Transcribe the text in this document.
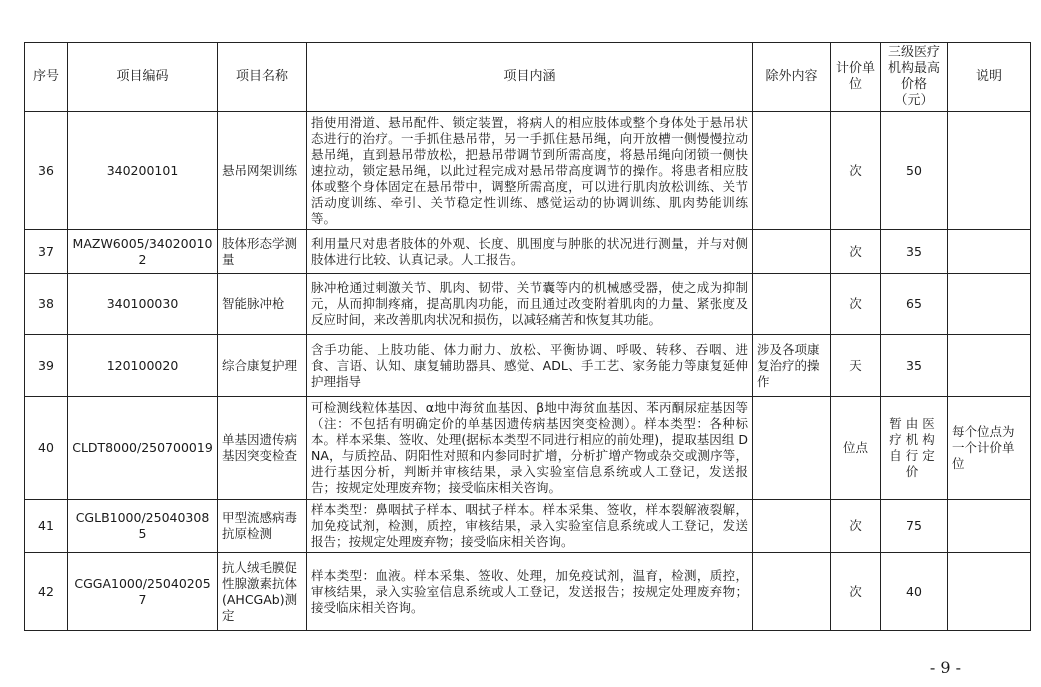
序号	项目编码	项目名称	项目内涵	除外内容	计价单位	三级医疗机构最高价格（元）	说明
36	340200101	悬吊网架训练	指使用滑道、悬吊配件、锁定装置，将病人的相应肢体或整个身体处于悬吊状态进行的治疗。一手抓住悬吊带，另一手抓住悬吊绳，向开放槽一侧慢慢拉动悬吊绳，直到悬吊带放松，把悬吊带调节到所需高度，将悬吊绳向闭锁一侧快速拉动，锁定悬吊绳，以此过程完成对悬吊带高度调节的操作。将患者相应肢体或整个身体固定在悬吊带中，调整所需高度，可以进行肌肉放松训练、关节活动度训练、牵引、关节稳定性训练、感觉运动的协调训练、肌肉势能训练等。		次	50	
37	MAZW6005/340200102	肢体形态学测量	利用量尺对患者肢体的外观、长度、肌围度与肿胀的状况进行测量，并与对侧肢体进行比较、认真记录。人工报告。		次	35	
38	340100030	智能脉冲枪	脉冲枪通过刺激关节、肌肉、韧带、关节囊等内的机械感受器，使之成为抑制元，从而抑制疼痛，提高肌肉功能，而且通过改变附着肌肉的力量、紧张度及反应时间，来改善肌肉状况和损伤，以减轻痛苦和恢复其功能。		次	65	
39	120100020	综合康复护理	含手功能、上肢功能、体力耐力、放松、平衡协调、呼吸、转移、吞咽、进食、言语、认知、康复辅助器具、感觉、ADL、手工艺、家务能力等康复延伸护理指导	涉及各项康复治疗的操作	天	35	
40	CLDT8000/250700019	单基因遗传病基因突变检查	可检测线粒体基因、α地中海贫血基因、β地中海贫血基因、苯丙酮尿症基因等（注：不包括有明确定价的单基因遗传病基因突变检测）。样本类型：各种标本。样本采集、签收、处理(据标本类型不同进行相应的前处理)，提取基因组 DNA，与质控品、阴阳性对照和内参同时扩增，分析扩增产物或杂交或测序等，进行基因分析，判断并审核结果，录入实验室信息系统或人工登记，发送报告；按规定处理废弃物；接受临床相关咨询。		位点	暂由医疗机构自行定价	每个位点为一个计价单位
41	CGLB1000/250403085	甲型流感病毒抗原检测	样本类型：鼻咽拭子样本、咽拭子样本。样本采集、签收，样本裂解液裂解，加免疫试剂，检测，质控，审核结果，录入实验室信息系统或人工登记，发送报告；按规定处理废弃物；接受临床相关咨询。		次	75	
42	CGGA1000/250402057	抗人绒毛膜促性腺激素抗体(AHCGAb)测定	样本类型：血液。样本采集、签收、处理，加免疫试剂，温育，检测，质控，审核结果，录入实验室信息系统或人工登记，发送报告；按规定处理废弃物；接受临床相关咨询。		次	40	
- 9 -
